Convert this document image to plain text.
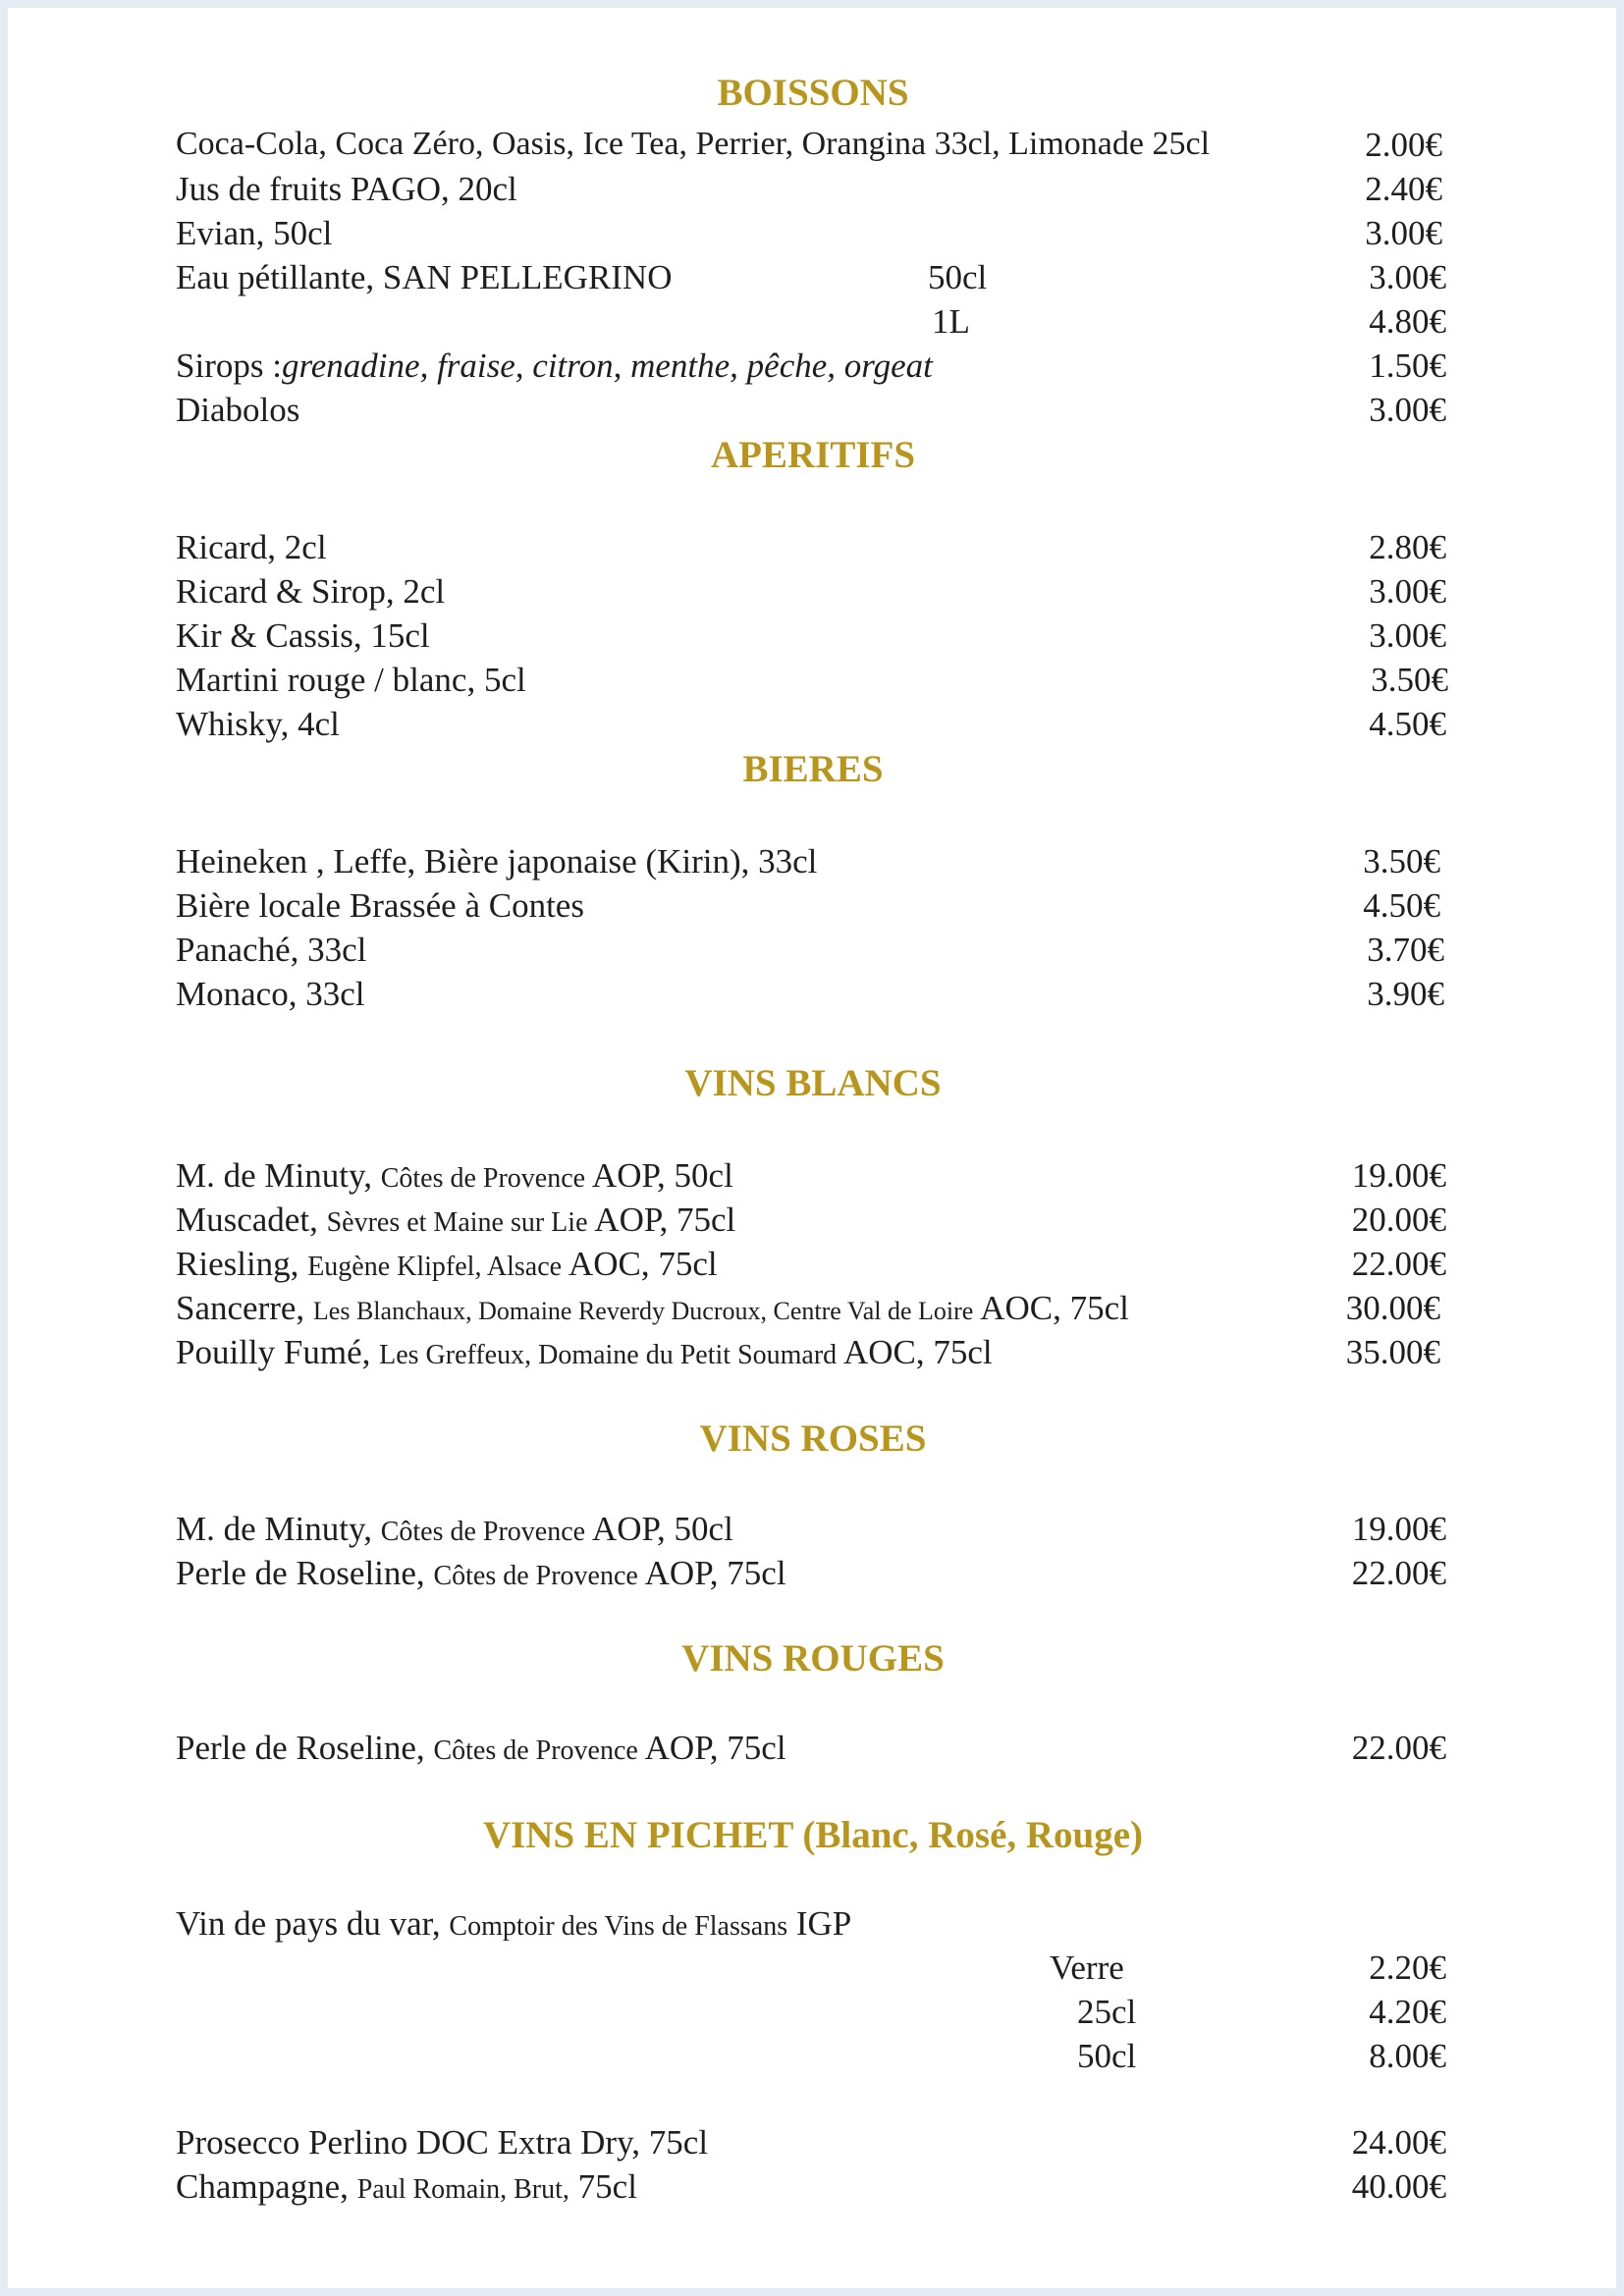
BOISSONS
Coca-Cola, Coca Zéro, Oasis, Ice Tea, Perrier, Orangina 33cl, Limonade 25cl	2.00€
Jus de fruits PAGO, 20cl	2.40€
Evian, 50cl	3.00€
Eau pétillante, SAN PELLEGRINO	50cl	3.00€
1L	4.80€
Sirops :grenadine, fraise, citron, menthe, pêche, orgeat	1.50€
Diabolos	3.00€
APERITIFS
Ricard, 2cl	2.80€
Ricard & Sirop, 2cl	3.00€
Kir & Cassis, 15cl	3.00€
Martini rouge / blanc, 5cl	3.50€
Whisky, 4cl	4.50€
BIERES
Heineken , Leffe, Bière japonaise (Kirin), 33cl	3.50€
Bière locale Brassée à Contes	4.50€
Panaché, 33cl	3.70€
Monaco, 33cl	3.90€
VINS BLANCS
M. de Minuty, Côtes de Provence AOP, 50cl	19.00€
Muscadet, Sèvres et Maine sur Lie AOP, 75cl	20.00€
Riesling, Eugène Klipfel, Alsace AOC, 75cl	22.00€
Sancerre, Les Blanchaux, Domaine Reverdy Ducroux, Centre Val de Loire AOC, 75cl	30.00€
Pouilly Fumé, Les Greffeux, Domaine du Petit Soumard AOC, 75cl	35.00€
VINS ROSES
M. de Minuty, Côtes de Provence AOP, 50cl	19.00€
Perle de Roseline, Côtes de Provence AOP, 75cl	22.00€
VINS ROUGES
Perle de Roseline, Côtes de Provence AOP, 75cl	22.00€
VINS EN PICHET (Blanc, Rosé, Rouge)
Vin de pays du var, Comptoir des Vins de Flassans IGP
Verre	2.20€
25cl	4.20€
50cl	8.00€
Prosecco Perlino DOC Extra Dry, 75cl	24.00€
Champagne, Paul Romain, Brut, 75cl	40.00€
